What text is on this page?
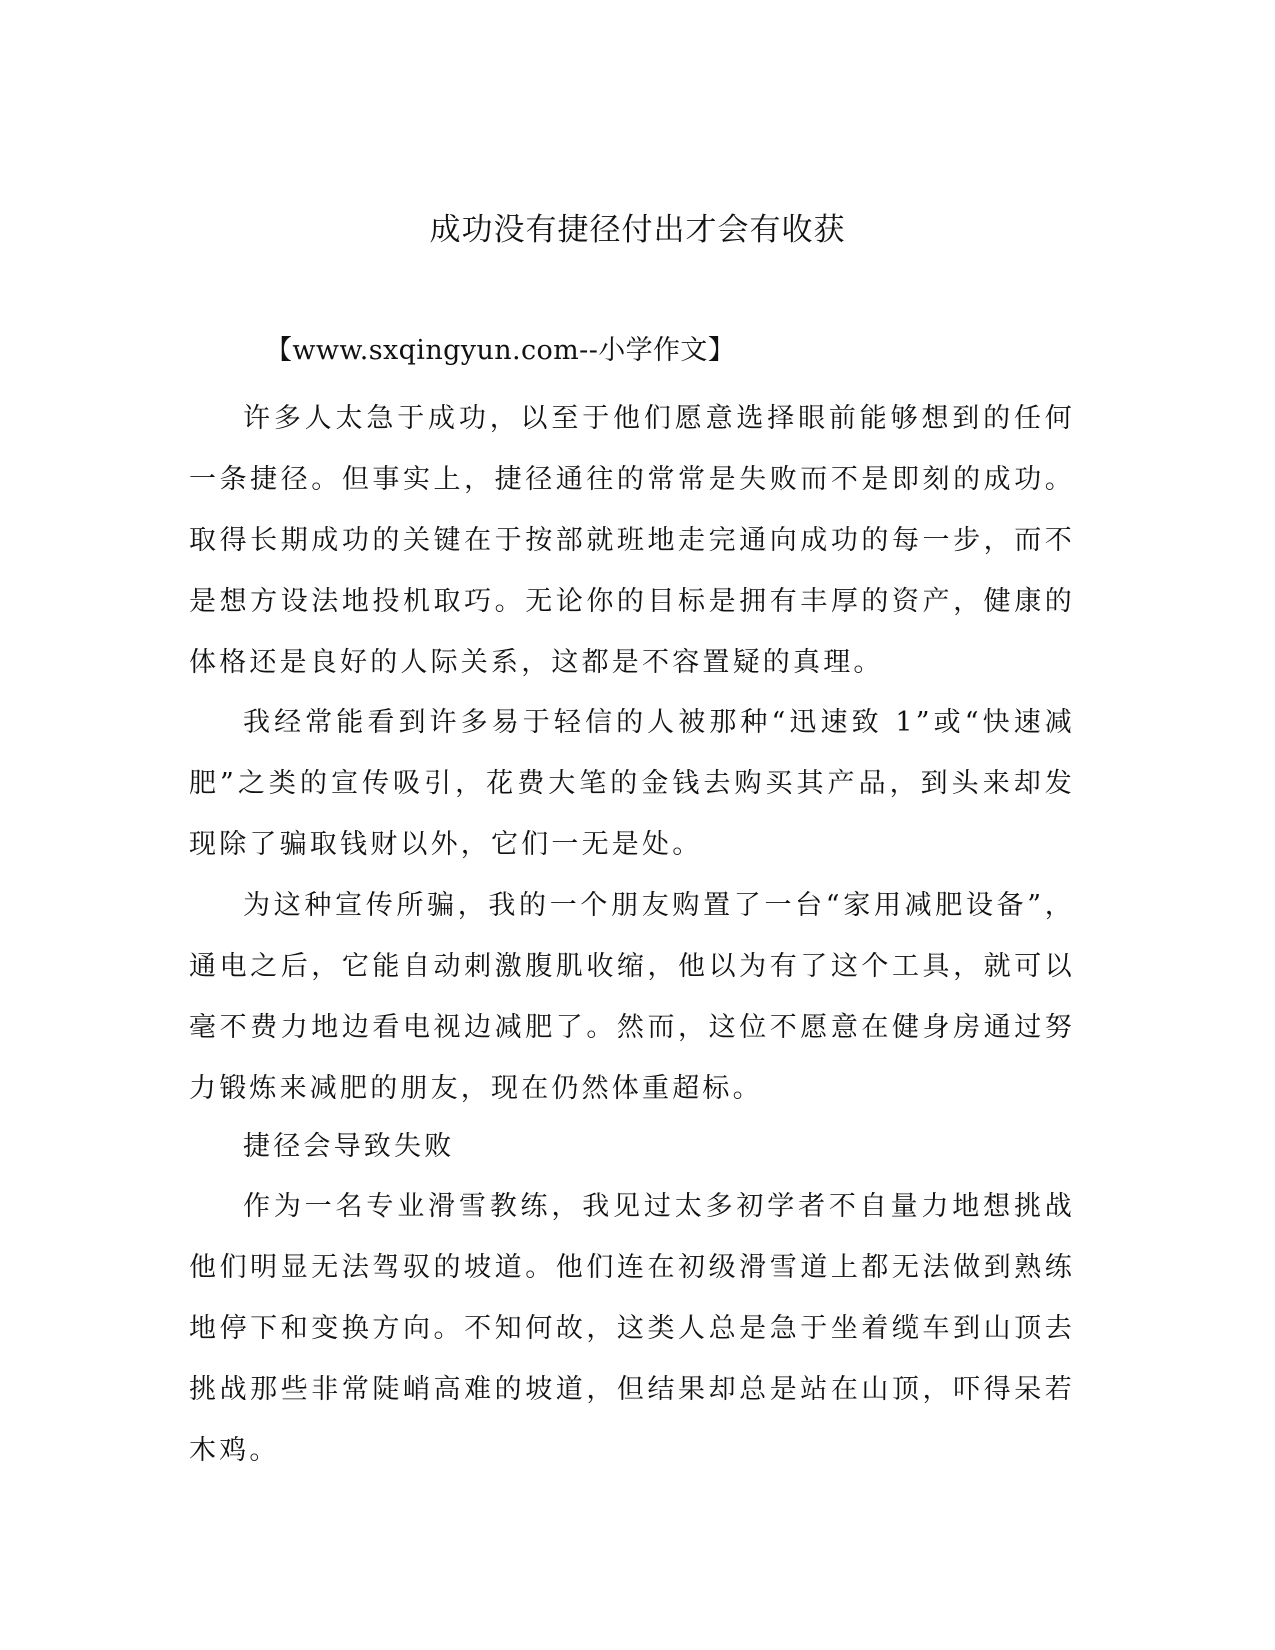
成功没有捷径付出才会有收获
【www.sxqingyun.com--小学作文】

许多人太急于成功，以至于他们愿意选择眼前能够想到的任何一条捷径。但事实上，捷径通往的常常是失败而不是即刻的成功。取得长期成功的关键在于按部就班地走完通向成功的每一步，而不是想方设法地投机取巧。无论你的目标是拥有丰厚的资产，健康的体格还是良好的人际关系，这都是不容置疑的真理。

我经常能看到许多易于轻信的人被那种“迅速致 1”或“快速减肥”之类的宣传吸引，花费大笔的金钱去购买其产品，到头来却发现除了骗取钱财以外，它们一无是处。

为这种宣传所骗，我的一个朋友购置了一台“家用减肥设备”，通电之后，它能自动刺激腹肌收缩，他以为有了这个工具，就可以毫不费力地边看电视边减肥了。然而，这位不愿意在健身房通过努力锻炼来减肥的朋友，现在仍然体重超标。

捷径会导致失败

作为一名专业滑雪教练，我见过太多初学者不自量力地想挑战他们明显无法驾驭的坡道。他们连在初级滑雪道上都无法做到熟练地停下和变换方向。不知何故，这类人总是急于坐着缆车到山顶去挑战那些非常陡峭高难的坡道，但结果却总是站在山顶，吓得呆若木鸡。
